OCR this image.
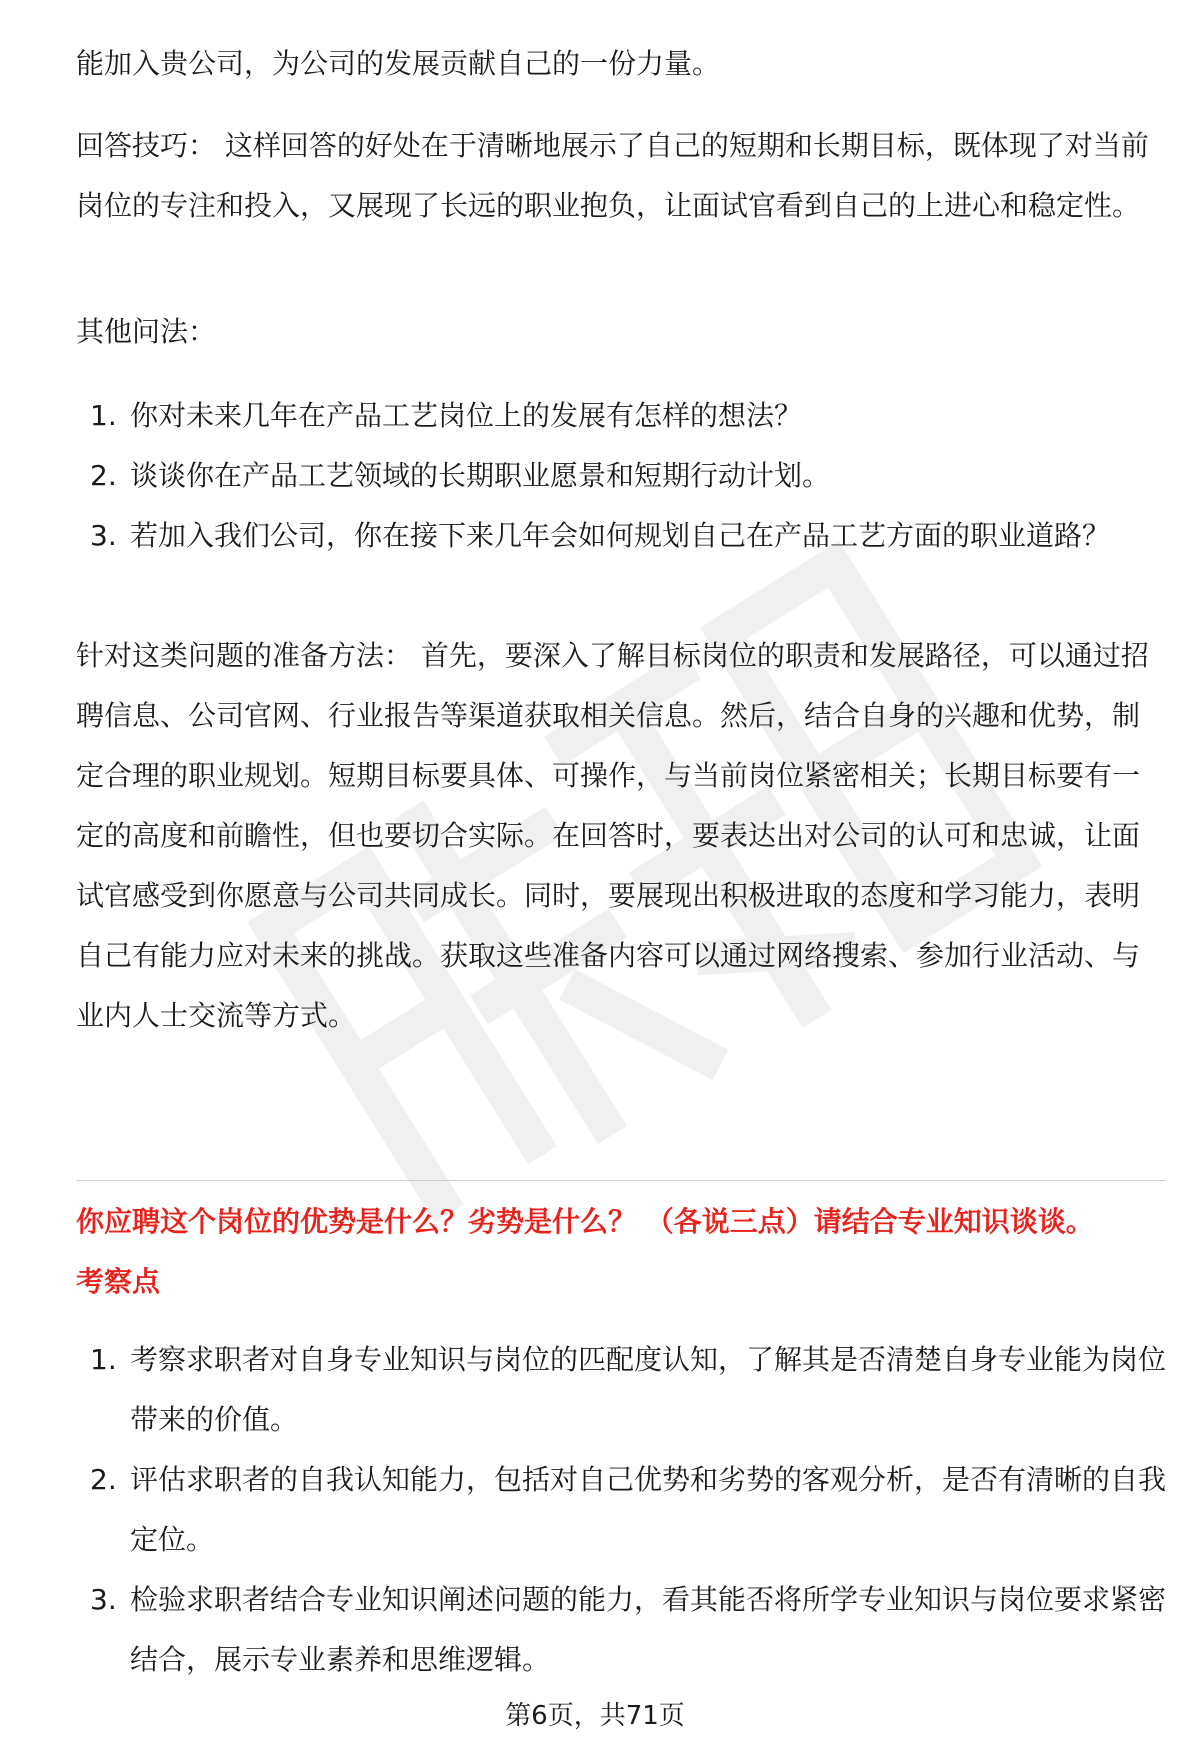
能加入贵公司，为公司的发展贡献自己的一份力量。

回答技巧： 这样回答的好处在于清晰地展示了自己的短期和长期目标，既体现了对当前岗位的专注和投入，又展现了长远的职业抱负，让面试官看到自己的上进心和稳定性。

其他问法：

1. 你对未来几年在产品工艺岗位上的发展有怎样的想法？
2. 谈谈你在产品工艺领域的长期职业愿景和短期行动计划。
3. 若加入我们公司，你在接下来几年会如何规划自己在产品工艺方面的职业道路？

针对这类问题的准备方法： 首先，要深入了解目标岗位的职责和发展路径，可以通过招聘信息、公司官网、行业报告等渠道获取相关信息。然后，结合自身的兴趣和优势，制定合理的职业规划。短期目标要具体、可操作，与当前岗位紧密相关；长期目标要有一定的高度和前瞻性，但也要切合实际。在回答时，要表达出对公司的认可和忠诚，让面试官感受到你愿意与公司共同成长。同时，要展现出积极进取的态度和学习能力，表明自己有能力应对未来的挑战。获取这些准备内容可以通过网络搜索、参加行业活动、与业内人士交流等方式。

你应聘这个岗位的优势是什么？劣势是什么？ （各说三点）请结合专业知识谈谈。

考察点

1. 考察求职者对自身专业知识与岗位的匹配度认知，了解其是否清楚自身专业能为岗位带来的价值。
2. 评估求职者的自我认知能力，包括对自己优势和劣势的客观分析，是否有清晰的自我定位。
3. 检验求职者结合专业知识阐述问题的能力，看其能否将所学专业知识与岗位要求紧密结合，展示专业素养和思维逻辑。
第6页，共71页
